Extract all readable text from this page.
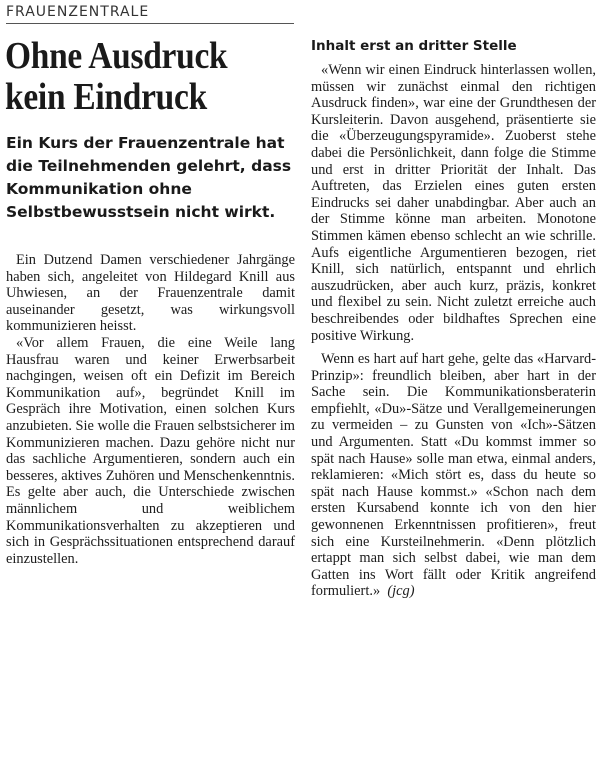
FRAUENZENTRALE
Ohne Ausdruck kein Eindruck
Ein Kurs der Frauenzentrale hat die Teilnehmenden gelehrt, dass Kommunikation ohne Selbstbewusstsein nicht wirkt.

Ein Dutzend Damen verschiedener Jahrgänge haben sich, angeleitet von Hildegard Knill aus Uhwiesen, an der Frauenzentrale damit auseinander gesetzt, was wirkungsvoll kommunizieren heisst.

«Vor allem Frauen, die eine Weile lang Hausfrau waren und keiner Erwerbsarbeit nachgingen, weisen oft ein Defizit im Bereich Kommunikation auf», begründet Knill im Gespräch ihre Motivation, einen solchen Kurs anzubieten. Sie wolle die Frauen selbstsicherer im Kommunizieren machen. Dazu gehöre nicht nur das sachliche Argumentieren, sondern auch ein besseres, aktives Zuhören und Menschenkenntnis. Es gelte aber auch, die Unterschiede zwischen männlichem und weiblichem Kommunikationsverhalten zu akzeptieren und sich in Gesprächssituationen entsprechend darauf einzustellen.

Inhalt erst an dritter Stelle

«Wenn wir einen Eindruck hinterlassen wollen, müssen wir zunächst einmal den richtigen Ausdruck finden», war eine der Grundthesen der Kursleiterin. Davon ausgehend, präsentierte sie die «Überzeugungspyramide». Zuoberst stehe dabei die Persönlichkeit, dann folge die Stimme und erst in dritter Priorität der Inhalt. Das Auftreten, das Erzielen eines guten ersten Eindrucks sei daher unabdingbar. Aber auch an der Stimme könne man arbeiten. Monotone Stimmen kämen ebenso schlecht an wie schrille. Aufs eigentliche Argumentieren bezogen, riet Knill, sich natürlich, entspannt und ehrlich auszudrücken, aber auch kurz, präzis, konkret und flexibel zu sein. Nicht zuletzt erreiche auch beschreibendes oder bildhaftes Sprechen eine positive Wirkung.

Wenn es hart auf hart gehe, gelte das «Harvard-Prinzip»: freundlich bleiben, aber hart in der Sache sein. Die Kommunikationsberaterin empfiehlt, «Du»-Sätze und Verallgemeinerungen zu vermeiden – zu Gunsten von «Ich»-Sätzen und Argumenten. Statt «Du kommst immer so spät nach Hause» solle man etwa, einmal anders, reklamieren: «Mich stört es, dass du heute so spät nach Hause kommst.» «Schon nach dem ersten Kursabend konnte ich von den hier gewonnenen Erkenntnissen profitieren», freut sich eine Kursteilnehmerin. «Denn plötzlich ertappt man sich selbst dabei, wie man dem Gatten ins Wort fällt oder Kritik angreifend formuliert.» (jcg)
